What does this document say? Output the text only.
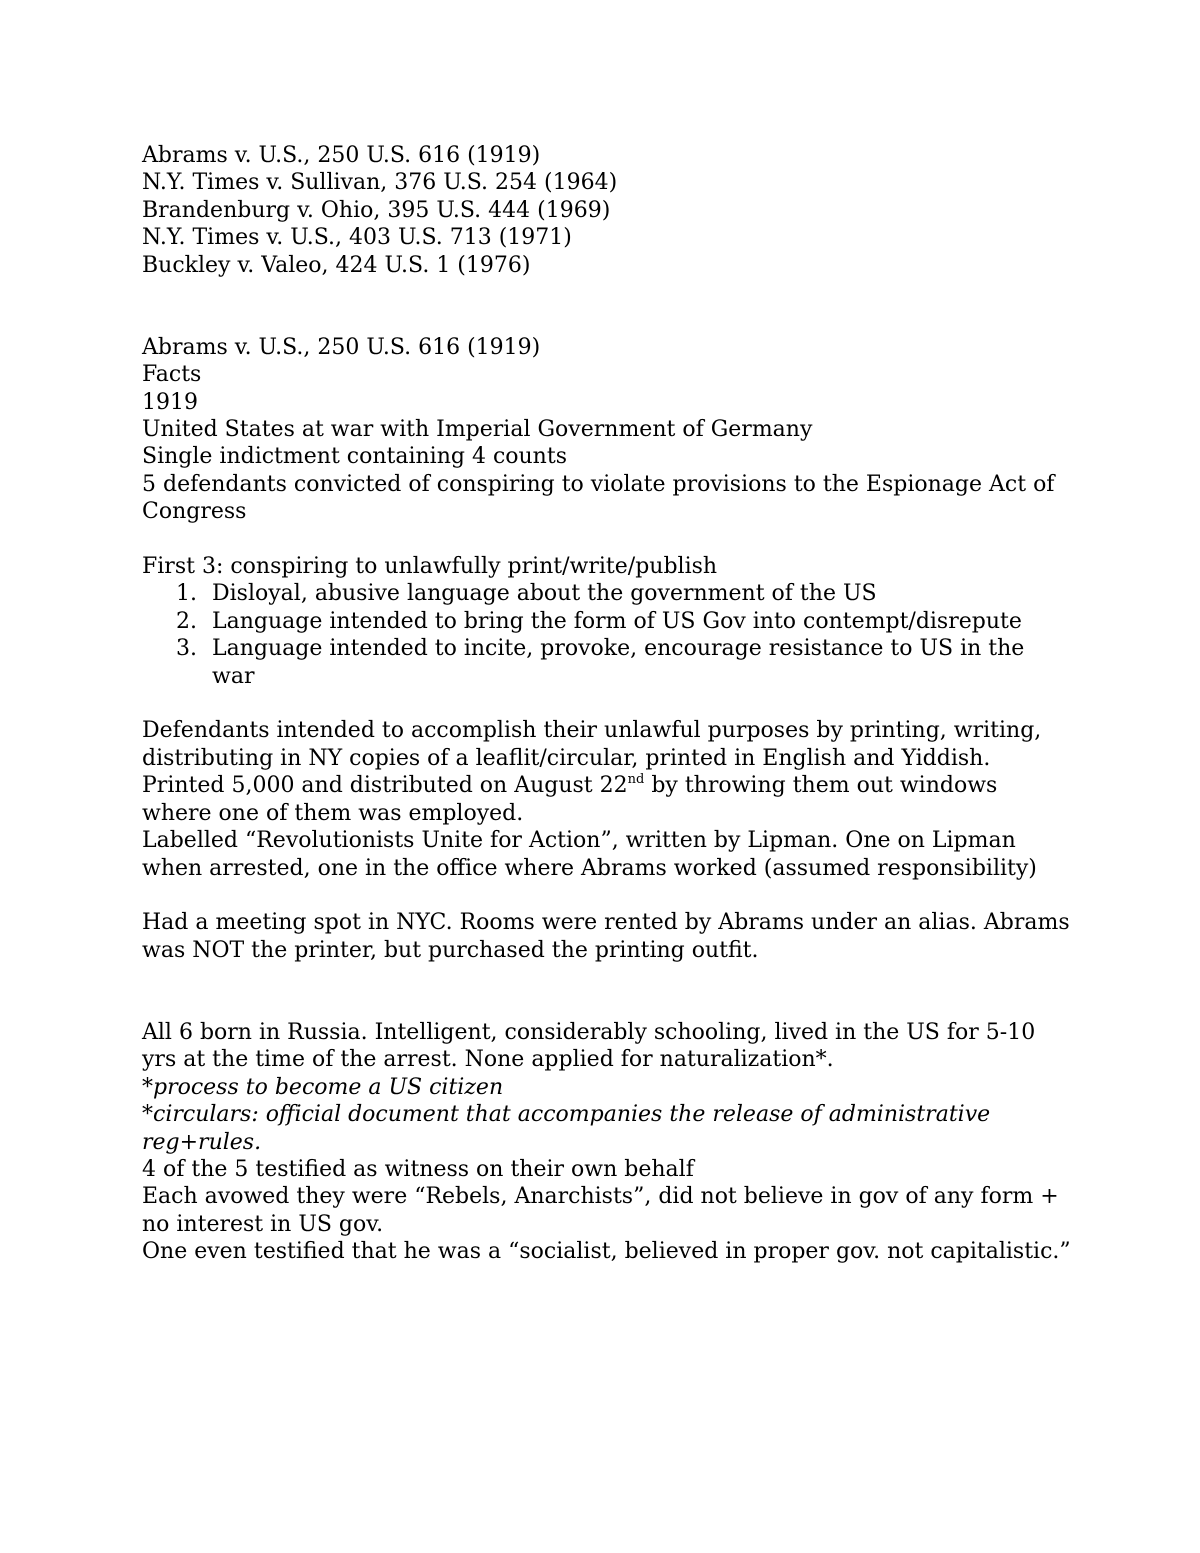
Abrams v. U.S., 250 U.S. 616 (1919)
N.Y. Times v. Sullivan, 376 U.S. 254 (1964)
Brandenburg v. Ohio, 395 U.S. 444 (1969)
N.Y. Times v. U.S., 403 U.S. 713 (1971)
Buckley v. Valeo, 424 U.S. 1 (1976)
Abrams v. U.S., 250 U.S. 616 (1919)
Facts
1919
United States at war with Imperial Government of Germany
Single indictment containing 4 counts
5 defendants convicted of conspiring to violate provisions to the Espionage Act of Congress
First 3: conspiring to unlawfully print/write/publish
1. Disloyal, abusive language about the government of the US
2. Language intended to bring the form of US Gov into contempt/disrepute
3. Language intended to incite, provoke, encourage resistance to US in the war
Defendants intended to accomplish their unlawful purposes by printing, writing, distributing in NY copies of a leaflit/circular, printed in English and Yiddish.
Printed 5,000 and distributed on August 22nd by throwing them out windows where one of them was employed.
Labelled “Revolutionists Unite for Action”, written by Lipman. One on Lipman when arrested, one in the office where Abrams worked (assumed responsibility)
Had a meeting spot in NYC. Rooms were rented by Abrams under an alias. Abrams was NOT the printer, but purchased the printing outfit.
All 6 born in Russia. Intelligent, considerably schooling, lived in the US for 5-10 yrs at the time of the arrest. None applied for naturalization*.
*process to become a US citizen
*circulars: official document that accompanies the release of administrative reg+rules.
4 of the 5 testified as witness on their own behalf
Each avowed they were “Rebels, Anarchists”, did not believe in gov of any form + no interest in US gov.
One even testified that he was a “socialist, believed in proper gov. not capitalistic.”
